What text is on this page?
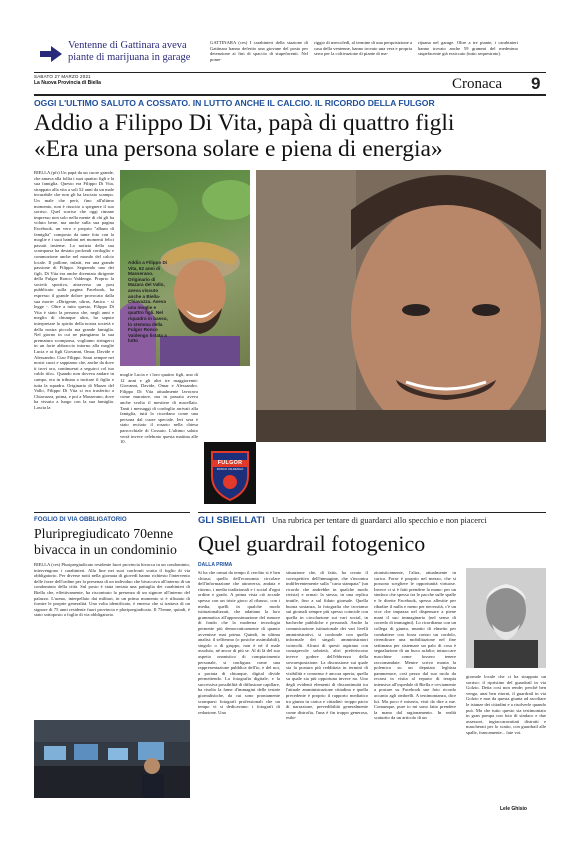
Ventenne di Gattinara aveva
piante di marijuana in garage
GATTINARA (ces) I carabinieri della stazione di Gattinara hanno deferito una giovane del posto per detenzione ai fini di spaccio di stupefacenti. Nel pome-
riggio di mercoledì, al termine di una perquisizione a casa della ventenne, hanno trovato una vera e propria serra per la coltivazione di piante di ma-
rijuana nel garage. Oltre a tre piante, i carabinieri hanno trovato anche 59 grammi del medesimo stupefacente già essiccato (tutto sequestrato).
SABATO 27 MARZO 2021
La Nuova Provincia di Biella	Cronaca 9
OGGI L'ULTIMO SALUTO A COSSATO. IN LUTTO ANCHE IL CALCIO. IL RICORDO DELLA FULGOR
Addio a Filippo Di Vita, papà di quattro figli
«Era una persona solare e piena di energia»
BIELLA (pfr) Un papà da un cuore grande, che amava alla follia i suoi quattro figli e la sua famiglia. Questo era Filippo Di Vita, strappato alla vita a soli 52 anni da un male incurabile che non gli ha lasciato scampo. Un male che però, fino all'ultimo momento, non è riuscito a spegnere il suo sorriso. Quel sorriso che oggi rimane impresso non solo nella mente di chi gli ha voluto bene, ma anche sulla sua pagina Facebook, un vero e proprio "album di famiglia" composto da tante foto con la moglie e i suoi bambini nei momenti felici passati insieme. La notizia della sua scomparsa ha destato profondi cordoglio e commozione anche nel mondo del calcio locale. Il pallone, infatti, era una grande passione di Filippo. Seguendo uno dei figli, Di Vita era anche diventato dirigente della Fulgor Ronco Valdengo. Proprio la società sportiva, attraverso un post pubblicato sulla pagina Facebook, ha espresso il grande dolore provocato dalla sua morte: «Dirigente, ultras, Amico - si legge -. Oltre a tutto questo, Filippo Di Vita è stato la persona che, negli anni e meglio di chiunque altro, ha saputo interpretare lo spirito della nostra società e della nostra piccola ma grande famiglia. Nel giorno in cui ne piangiamo la sua prematura scomparsa, vogliamo stringerci in un forte abbraccio intorno alla moglie Lucia e ai figli Giovanni, Omar, Davide e Alessandro. Ciao Filippo. Sarai sempre nei nostri cuori e sappiamo che, anche da dove ti trovi ora, continuerai a seguirci col tuo caldo tifo». Quando non doveva andare in campo, era in tribuna a incitare il figlio e tutta la squadra. Originario di Mazzo del Vallo, Filippo Di Vita si era trasferito a Chiavazza, prima, e poi a Masserano, dove ha vissuto a lungo con la sua famiglia. Lascia la
Addio a Filippo Di Vita, 52 anni di Masserano. Originario di Mazara del Vallo, aveva vissuto anche a Biella-Chiavazza. Aveva una moglie e quattro figli. Nel riquadro in basso, lo stemma della Fulgor Ronco Valdengo listata a lutto
moglie Lucia e i loro quattro figli, uno di 12 anni e gli altri tre maggiorenni: Giovanni, Davide, Omar e Alessandro. Filippo Di Vita attualmente lavorava come muratore, ma in passato aveva anche svolto il mestiere di macellaio. Tanti i messaggi di cordoglio arrivati alla famiglia, tutti lo ricordano come una persona dal cuore speciale. Ieri sera è stato recitato il rosario nella chiesa parrocchiale di Cossato. L'ultimo saluto verrà invece celebrato questa mattina alle 10.
FULGOR
RONCO VALDENGO
FOGLIO DI VIA OBBLIGATORIO
Pluripregiudicato 70enne
bivacca in un condominio
BIELLA (ces) Pluripregiudicato residente fuori provincia bivacca in un condominio, intervengono i carabinieri. Alla fine nei suoi confronti scatta il foglio di via obbligatorio. Per diverse notti nella giornata di giovedì hanno richiesto l'intervento delle forze dell'ordine per la presenza di un individuo che bivaccava all'interno di un condominio della città. Sul posto è stata inviata una pattuglia dei carabinieri di Biella che, effettivamente, ha riscontrato la presenza di un signore all'interno del palazzo. L'uomo, interpellato dai militari, in un primo momento si è rifiutato di fornire le proprie generalità. Una volta identificato, è emerso che si trattava di un signore di 75 anni residente fuori provincia e pluripregiudicato. Il 75enne, quindi, è stato sottoposto a foglio di via obbligatorio.
GLI SBIELLATI Una rubrica per tentare di guardarci allo specchio e non piacerci
Quel guardrail fotogenico
DALLA PRIMA
Si ha che ormai da tempo il cerchio si è ben chiuso; quello dell'economia circolare dell'informazione che attraversa, andata e ritorno, i media tradizionali e i social d'ogni ordine e grado. A prima vista ciò accade spesso con un triste gioco al ribasso, con i media, quelli in qualche modo istituzionalizzati, che adattano la loro grammatica all'approssimazione del rumore di fondo che la moderna tecnologia permette più democraticamente di quanto avvenisse mai prima. Quindi, in ultima analisi: il selfiesmo (o postche assimilabili), singolo o di gruppo, non è né il male assoluto, né ancor di più se. Al di là del suo aspetto onanistico di compiacimento personale, si configura come una rappresentazione pubblica dell'io, e del noi, a portata di chiunque, digital divide permettendo. La fotografia digitale, e la successiva possibilità di diffusione capillare, ha risolto la fame d'immagini delle testate giornalistiche, da cui sono prontamente scomparsi fotografi professionali che un tempo vi si dedicavano: i fotografi di redazione. Una
situazione che, di fatto, ha creato il corrispettivo dell'immagine, che s'incontra indifferentemente sulla "carta stampata" (un ricordo che andrebbe in qualche modo rivista) e ormai: la stessa, in una replica inutile, fino a sul fidato giornale. Quella buona sostanza, la fotografia che troviamo sui giornali sempre più spesso coincide con quella in circolazione sui vari social, in bacheche pubbliche e personali. Anche la comunicazione istituzionale dei vari livelli amministrativi, si confonde con quella informale dei singoli amministratori coinvolti. Alcuni di questi aspirano con consapevole sobrietà, altri preferiscono invece godere dell'ebbrezza della sovraesposizione. La discussione sui quale sia la postura più redditizia in termini di visibilità e consenso è ancora aperta; quella su quale sia più opportuna invece no. Uno degli evidenti elementi di discontinuità tra l'attuale amministrazione cittadina e quella precedente è proprio il rapporto mediatico tra giunta in carica e cittadini: troppo pacio di narrazione, prevedibilità generalmente come distrofia, l'una è fin troppo generosa, esibi-
zionisticamente, l'altra, attualmente in carica. Forse è proprio nel mezzo, che si possono scegliere le opportunità virtuose. Invece ci si è fatti prendere la mano: per un sindaco che spesso tra le pacche sulle spalle e le dirette Facebook, spesso allestite per ribadire il nulla e meno per necessità, c'è un vice che impazza nel dispensare a piene mani il suo immaginario (nel senso di corredo di immagini). Lo ricordiamo con un collega di giunta, munito di elmetto per combattere con forza contro un cordolo, rivendicare una mobilitazione nel fine settimana per sistemare un palo di cosa è segnalazione di un buco asfalto; intuoccare macchine come fossero tenere raccomandate. Mentre scrivo monta la polemica su un deputato leghista pammenace, così pezzo dal suo ruolo da recarsi in visita al reparto di terapia intensiva all'ospedale di Biella e ovviamente a postare su Facebook sue foto ricordo accanto agli ombrelli. A testimonianza, dice lui. Ma poco è miseria, visti da dire a me. Comunque, pure io mi sono fatto prendere la mano dal ragionamento. In realtà scaturito da un articolo di un
giornale locale che ci ha strappato un sorriso: il ripristino del guardrail in via Golzio. Detta così non rende; perché ben venga, anzi ben ritorni, il guardrail in via Golzio e non da questa giunta ad ascoltare le istanze dei cittadini e a risolverle quando può. Ma che tutto questo sia testimoniato in gran pompa con foto di sindaco e due assessori, ingiaccaravattati distratti e mascherati per lo scatto, con guardrail alle spalle, francamente... fate voi.
Lele Ghisio
